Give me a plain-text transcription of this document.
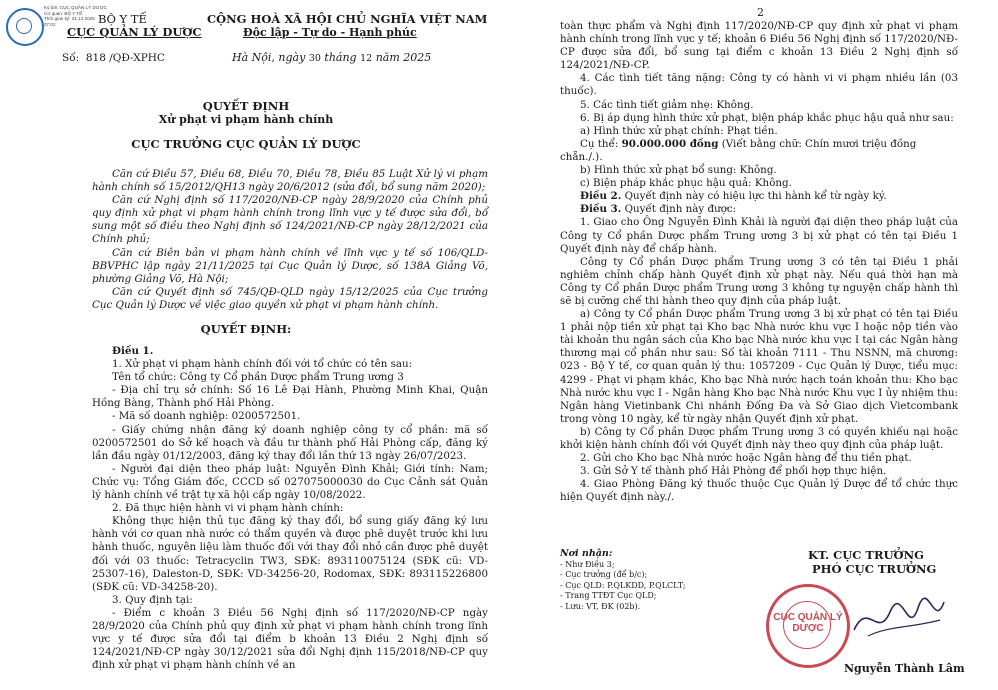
2
Ký bởi: CỤC QUẢN LÝ DƯỢC
Cơ quan: BỘ Y TẾ
Thời gian ký: 31.12.2025
07:02	BỘ Y TẾ
CỤC QUẢN LÝ DƯỢC
Số: 818 /QĐ-XPHC
CỘNG HOÀ XÃ HỘI CHỦ NGHĨA VIỆT NAM
Độc lập - Tự do - Hạnh phúc
Hà Nội, ngày 30 tháng 12 năm 2025
QUYẾT ĐỊNH
Xử phạt vi phạm hành chính
CỤC TRƯỞNG CỤC QUẢN LÝ DƯỢC

Căn cứ Điều 57, Điều 68, Điều 70, Điều 78, Điều 85 Luật Xử lý vi phạm hành chính số 15/2012/QH13 ngày 20/6/2012 (sửa đổi, bổ sung năm 2020);

Căn cứ Nghị định số 117/2020/NĐ-CP ngày 28/9/2020 của Chính phủ quy định xử phạt vi phạm hành chính trong lĩnh vực y tế được sửa đổi, bổ sung một số điều theo Nghị định số 124/2021/NĐ-CP ngày 28/12/2021 của Chính phủ;

Căn cứ Biên bản vi phạm hành chính về lĩnh vực y tế số 106/QLD-BBVPHC lập ngày 21/11/2025 tại Cục Quản lý Dược, số 138A Giảng Võ, phường Giảng Võ, Hà Nội;

Căn cứ Quyết định số 745/QĐ-QLD ngày 15/12/2025 của Cục trưởng Cục Quản lý Dược về việc giao quyền xử phạt vi phạm hành chính.

QUYẾT ĐỊNH:

Điều 1.

1. Xử phạt vi phạm hành chính đối với tổ chức có tên sau:

Tên tổ chức: Công ty Cổ phần Dược phẩm Trung ương 3

- Địa chỉ trụ sở chính: Số 16 Lê Đại Hành, Phường Minh Khai, Quận Hồng Bàng, Thành phố Hải Phòng.

- Mã số doanh nghiệp: 0200572501.

- Giấy chứng nhận đăng ký doanh nghiệp công ty cổ phần: mã số 0200572501 do Sở kế hoạch và đầu tư thành phố Hải Phòng cấp, đăng ký lần đầu ngày 01/12/2003, đăng ký thay đổi lần thứ 13 ngày 26/07/2023.

- Người đại diện theo pháp luật: Nguyễn Đình Khải; Giới tính: Nam; Chức vụ: Tổng Giám đốc, CCCD số 027075000030 do Cục Cảnh sát Quản lý hành chính về trật tự xã hội cấp ngày 10/08/2022.

2. Đã thực hiện hành vi vi phạm hành chính:

Không thực hiện thủ tục đăng ký thay đổi, bổ sung giấy đăng ký lưu hành với cơ quan nhà nước có thẩm quyền và được phê duyệt trước khi lưu hành thuốc, nguyên liệu làm thuốc đối với thay đổi nhỏ cần được phê duyệt đối với 03 thuốc: Tetracyclin TW3, SĐK: 893110075124 (SĐK cũ: VD-25307-16), Daleston-D, SĐK: VD-34256-20, Rodomax, SĐK: 893115226800 (SĐK cũ: VD-34258-20).

3. Quy định tại:

- Điểm c khoản 3 Điều 56 Nghị định số 117/2020/NĐ-CP ngày 28/9/2020 của Chính phủ quy định xử phạt vi phạm hành chính trong lĩnh vực y tế được sửa đổi tại điểm b khoản 13 Điều 2 Nghị định số 124/2021/NĐ-CP ngày 30/12/2021 sửa đổi Nghị định 115/2018/NĐ-CP quy định xử phạt vi phạm hành chính về an

toàn thực phẩm và Nghị định 117/2020/NĐ-CP quy định xử phạt vi phạm hành chính trong lĩnh vực y tế; khoản 6 Điều 56 Nghị định số 117/2020/NĐ-CP được sửa đổi, bổ sung tại điểm c khoản 13 Điều 2 Nghị định số 124/2021/NĐ-CP.

4. Các tình tiết tăng nặng: Công ty có hành vi vi phạm nhiều lần (03 thuốc).

5. Các tình tiết giảm nhẹ: Không.

6. Bị áp dụng hình thức xử phạt, biện pháp khắc phục hậu quả như sau:

a) Hình thức xử phạt chính: Phạt tiền.

Cụ thể: 90.000.000 đồng (Viết bằng chữ: Chín mươi triệu đồng chẵn./.).

b) Hình thức xử phạt bổ sung: Không.

c) Biện pháp khắc phục hậu quả: Không.

Điều 2. Quyết định này có hiệu lực thi hành kể từ ngày ký.

Điều 3. Quyết định này được:

1. Giao cho Ông Nguyễn Đình Khải là người đại diện theo pháp luật của Công ty Cổ phần Dược phẩm Trung ương 3 bị xử phạt có tên tại Điều 1 Quyết định này để chấp hành.

Công ty Cổ phần Dược phẩm Trung ương 3 có tên tại Điều 1 phải nghiêm chỉnh chấp hành Quyết định xử phạt này. Nếu quá thời hạn mà Công ty Cổ phần Dược phẩm Trung ương 3 không tự nguyện chấp hành thì sẽ bị cưỡng chế thi hành theo quy định của pháp luật.

a) Công ty Cổ phần Dược phẩm Trung ương 3 bị xử phạt có tên tại Điều 1 phải nộp tiền xử phạt tại Kho bạc Nhà nước khu vực I hoặc nộp tiền vào tài khoản thu ngân sách của Kho bạc Nhà nước khu vực I tại các Ngân hàng thương mại cổ phần như sau: Số tài khoản 7111 - Thu NSNN, mã chương: 023 - Bộ Y tế, cơ quan quản lý thu: 1057209 - Cục Quản lý Dược, tiểu mục: 4299 - Phạt vi phạm khác, Kho bạc Nhà nước hạch toán khoản thu: Kho bạc Nhà nước khu vực I - Ngân hàng Kho bạc Nhà nước Khu vực I ủy nhiệm thu: Ngân hàng Vietinbank Chi nhánh Đống Đa và Sở Giao dịch Vietcombank trong vòng 10 ngày, kể từ ngày nhận Quyết định xử phạt.

b) Công ty Cổ phần Dược phẩm Trung ương 3 có quyền khiếu nại hoặc khởi kiện hành chính đối với Quyết định này theo quy định của pháp luật.

2. Gửi cho Kho bạc Nhà nước hoặc Ngân hàng để thu tiền phạt.

3. Gửi Sở Y tế thành phố Hải Phòng để phối hợp thực hiện.

4. Giao Phòng Đăng ký thuốc thuộc Cục Quản lý Dược để tổ chức thực hiện Quyết định này./.

Nơi nhận:

- Như Điều 3;

- Cục trưởng (để b/c);

- Cục QLD: P.QLKDD, P.QLCLT;

- Trang TTĐT Cục QLD;

- Lưu: VT, ĐK (02b).

KT. CỤC TRƯỞNG
PHÓ CỤC TRƯỞNG
CỤC QUẢN LÝ DƯỢC
Nguyễn Thành Lâm
